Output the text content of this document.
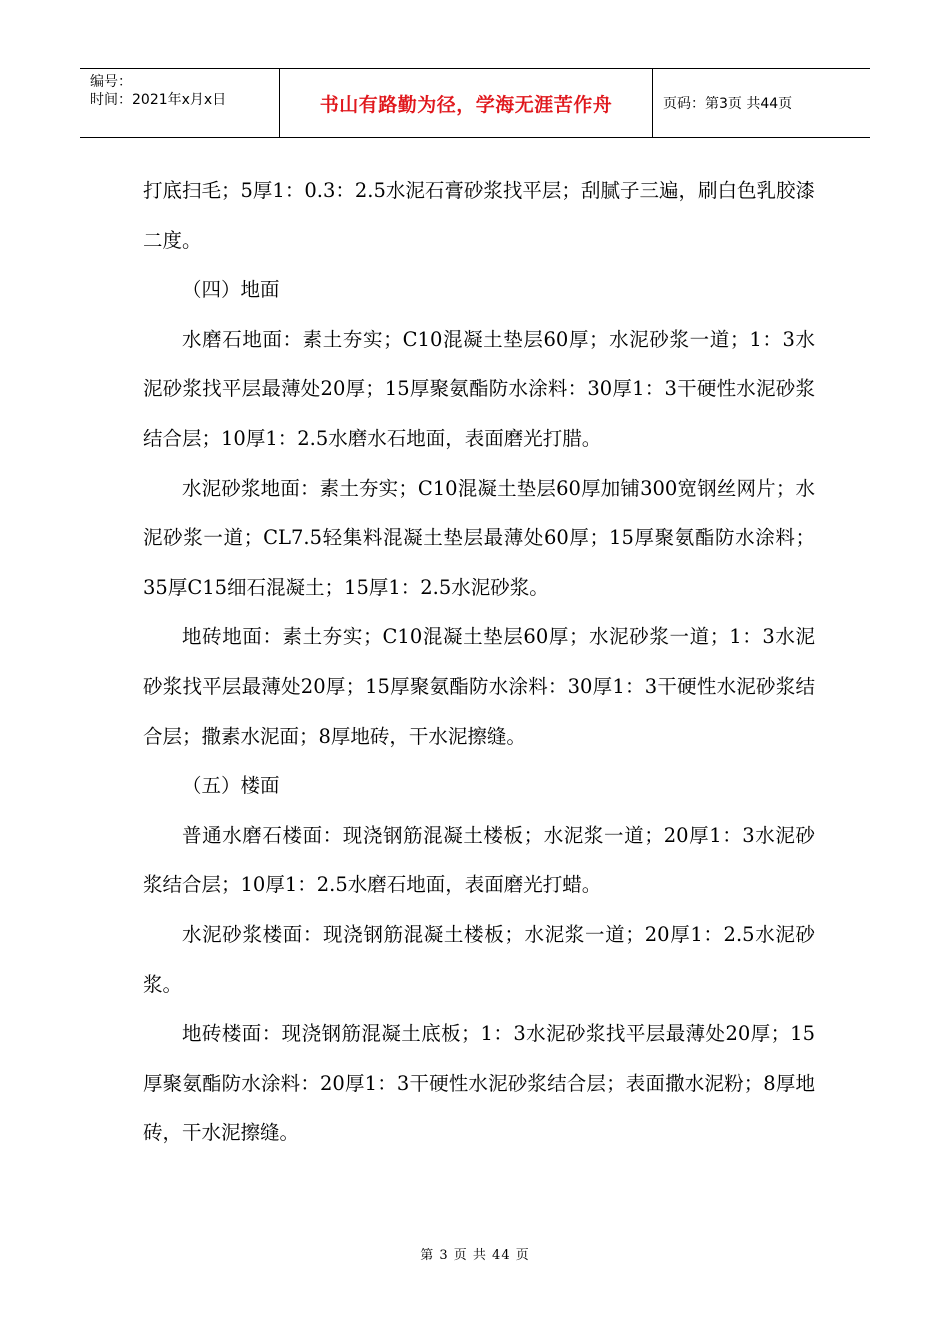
编号：
时间：2021年x月x日	书山有路勤为径，学海无涯苦作舟	页码：第3页 共44页

打底扫毛；5厚1：0.3：2.5水泥石膏砂浆找平层；刮腻子三遍，刷白色乳胶漆二度。

（四）地面

水磨石地面：素土夯实；C10混凝土垫层60厚；水泥砂浆一道；1：3水泥砂浆找平层最薄处20厚；15厚聚氨酯防水涂料：30厚1：3干硬性水泥砂浆结合层；10厚1：2.5水磨水石地面，表面磨光打腊。

水泥砂浆地面：素土夯实；C10混凝土垫层60厚加铺300宽钢丝网片；水泥砂浆一道；CL7.5轻集料混凝土垫层最薄处60厚；15厚聚氨酯防水涂料；35厚C15细石混凝土；15厚1：2.5水泥砂浆。

地砖地面：素土夯实；C10混凝土垫层60厚；水泥砂浆一道；1：3水泥砂浆找平层最薄处20厚；15厚聚氨酯防水涂料：30厚1：3干硬性水泥砂浆结合层；撒素水泥面；8厚地砖，干水泥擦缝。

（五）楼面

普通水磨石楼面：现浇钢筋混凝土楼板；水泥浆一道；20厚1：3水泥砂浆结合层；10厚1：2.5水磨石地面，表面磨光打蜡。

水泥砂浆楼面：现浇钢筋混凝土楼板；水泥浆一道；20厚1：2.5水泥砂浆。

地砖楼面：现浇钢筋混凝土底板；1：3水泥砂浆找平层最薄处20厚；15厚聚氨酯防水涂料：20厚1：3干硬性水泥砂浆结合层；表面撒水泥粉；8厚地砖，干水泥擦缝。

第 3 页 共 44 页
